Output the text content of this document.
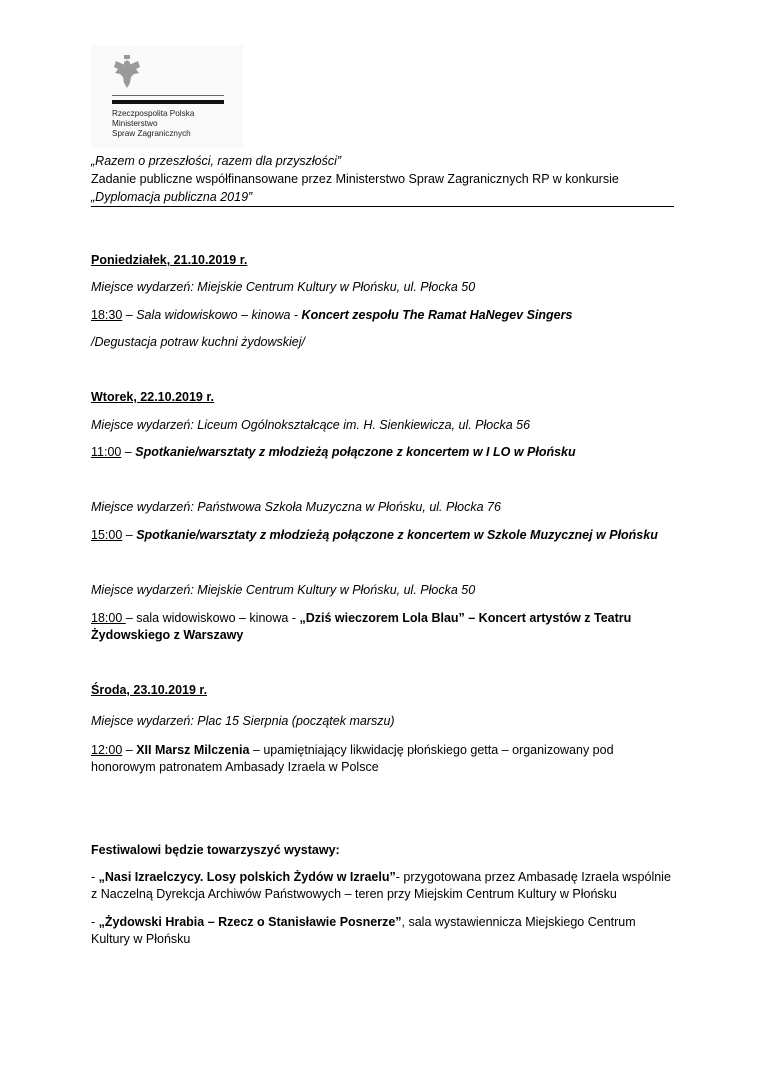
Rzeczpospolita Polska
Ministerstwo
Spraw Zagranicznych
„Razem o przeszłości, razem dla przyszłości”
Zadanie publiczne współfinansowane przez Ministerstwo Spraw Zagranicznych RP w konkursie
„Dyplomacja publiczna 2019”
Poniedziałek, 21.10.2019 r.
Miejsce wydarzeń: Miejskie Centrum Kultury w Płońsku, ul. Płocka 50
18:30 – Sala widowiskowo – kinowa - Koncert zespołu The Ramat HaNegev Singers
/Degustacja potraw kuchni żydowskiej/
Wtorek, 22.10.2019 r.
Miejsce wydarzeń: Liceum Ogólnokształcące im. H. Sienkiewicza, ul. Płocka 56
11:00 – Spotkanie/warsztaty z młodzieżą połączone z koncertem w I LO w Płońsku
Miejsce wydarzeń: Państwowa Szkoła Muzyczna w Płońsku, ul. Płocka 76
15:00 – Spotkanie/warsztaty z młodzieżą połączone z koncertem w Szkole Muzycznej w Płońsku
Miejsce wydarzeń: Miejskie Centrum Kultury w Płońsku, ul. Płocka 50
18:00 – sala widowiskowo – kinowa - „Dziś wieczorem Lola Blau” – Koncert artystów z Teatru Żydowskiego z Warszawy
Środa, 23.10.2019 r.
Miejsce wydarzeń: Plac 15 Sierpnia (początek marszu)
12:00 – XII Marsz Milczenia – upamiętniający likwidację płońskiego getta – organizowany pod honorowym patronatem Ambasady Izraela w Polsce
Festiwalowi będzie towarzyszyć wystawy:
- „Nasi Izraelczycy. Losy polskich Żydów w Izraelu”- przygotowana przez Ambasadę Izraela wspólnie z Naczelną Dyrekcja Archiwów Państwowych – teren przy Miejskim Centrum Kultury w Płońsku
- „Żydowski Hrabia – Rzecz o Stanisławie Posnerze”, sala wystawiennicza Miejskiego Centrum Kultury w Płońsku
